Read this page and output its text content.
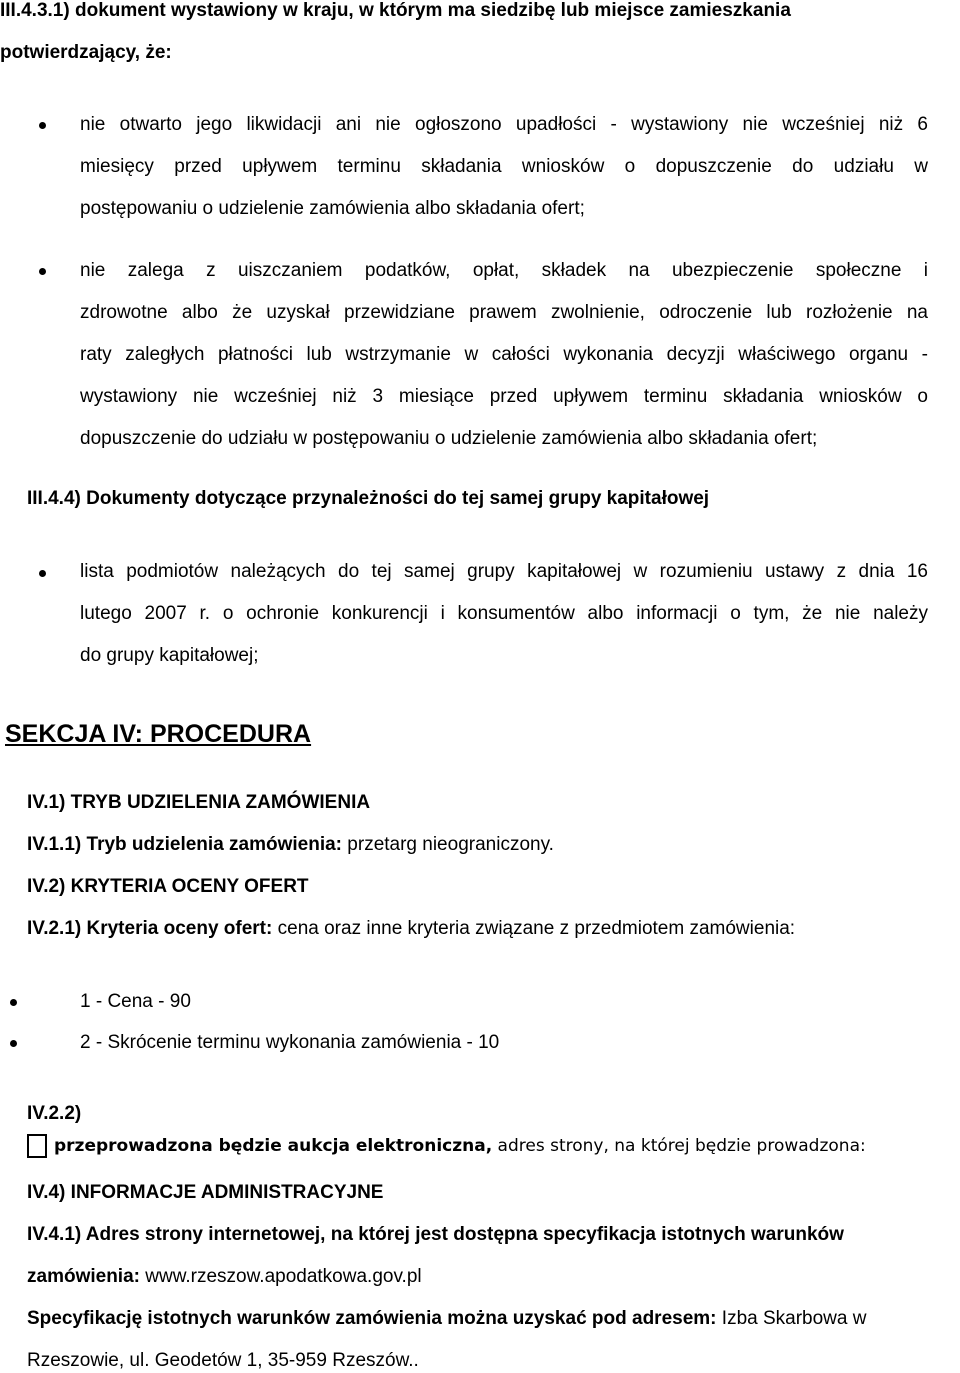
III.4.3.1) dokument wystawiony w kraju, w którym ma siedzibę lub miejsce zamieszkania
potwierdzający, że:
nie otwarto jego likwidacji ani nie ogłoszono upadłości - wystawiony nie wcześniej niż 6
miesięcy przed upływem terminu składania wniosków o dopuszczenie do udziału w
postępowaniu o udzielenie zamówienia albo składania ofert;
nie zalega z uiszczaniem podatków, opłat, składek na ubezpieczenie społeczne i
zdrowotne albo że uzyskał przewidziane prawem zwolnienie, odroczenie lub rozłożenie na
raty zaległych płatności lub wstrzymanie w całości wykonania decyzji właściwego organu -
wystawiony nie wcześniej niż 3 miesiące przed upływem terminu składania wniosków o
dopuszczenie do udziału w postępowaniu o udzielenie zamówienia albo składania ofert;
III.4.4) Dokumenty dotyczące przynależności do tej samej grupy kapitałowej
lista podmiotów należących do tej samej grupy kapitałowej w rozumieniu ustawy z dnia 16
lutego 2007 r. o ochronie konkurencji i konsumentów albo informacji o tym, że nie należy
do grupy kapitałowej;
SEKCJA IV: PROCEDURA
IV.1) TRYB UDZIELENIA ZAMÓWIENIA
IV.1.1) Tryb udzielenia zamówienia: przetarg nieograniczony.
IV.2) KRYTERIA OCENY OFERT
IV.2.1) Kryteria oceny ofert: cena oraz inne kryteria związane z przedmiotem zamówienia:
1 - Cena - 90
2 - Skrócenie terminu wykonania zamówienia - 10
IV.2.2)
przeprowadzona będzie aukcja elektroniczna, adres strony, na której będzie prowadzona:
IV.4) INFORMACJE ADMINISTRACYJNE
IV.4.1) Adres strony internetowej, na której jest dostępna specyfikacja istotnych warunków
zamówienia: www.rzeszow.apodatkowa.gov.pl
Specyfikację istotnych warunków zamówienia można uzyskać pod adresem: Izba Skarbowa w
Rzeszowie, ul. Geodetów 1, 35-959 Rzeszów..
